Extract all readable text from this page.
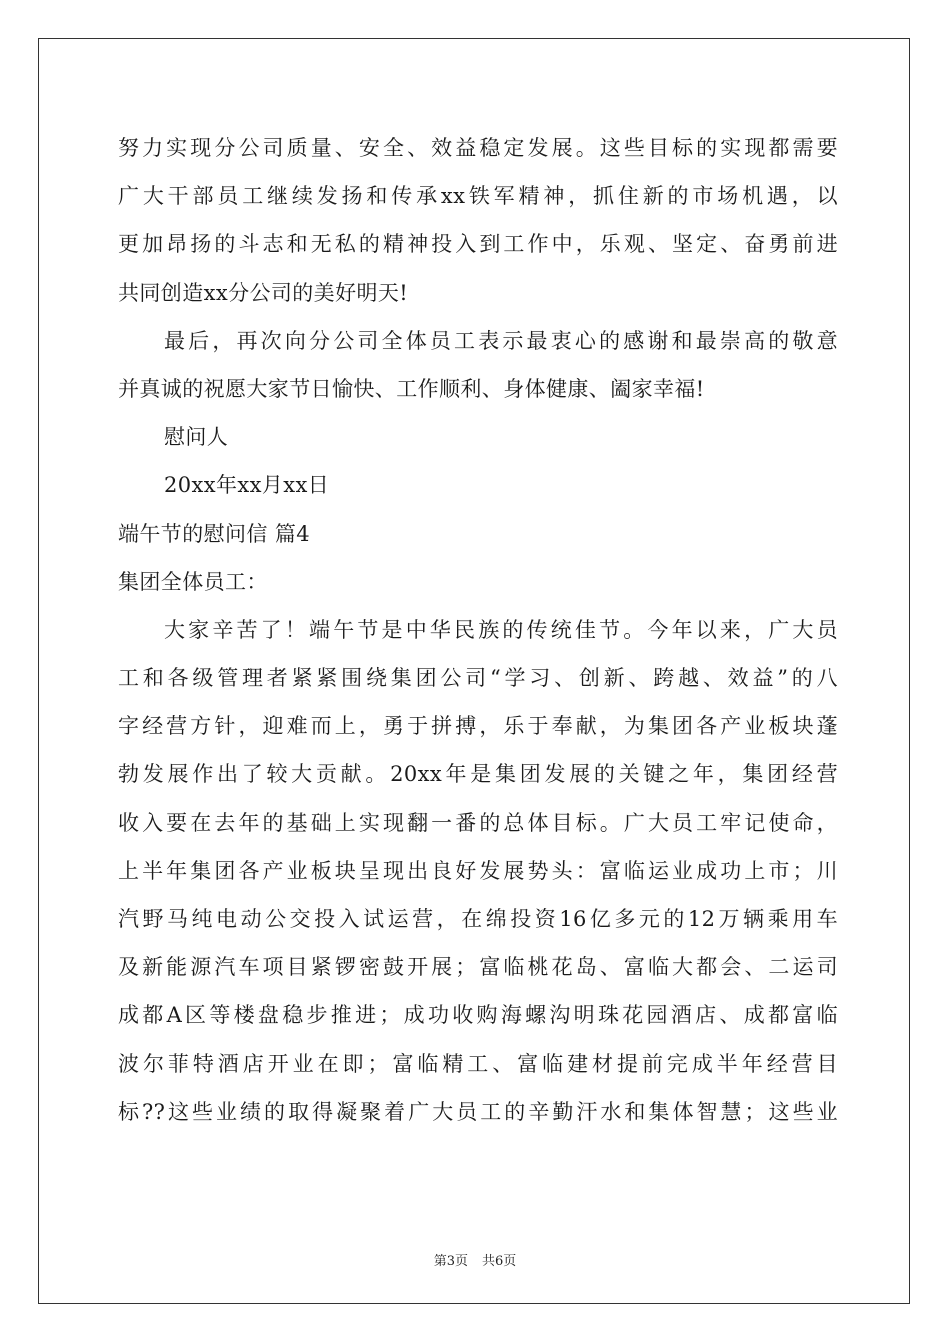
努力实现分公司质量、安全、效益稳定发展。这些目标的实现都需要
广大干部员工继续发扬和传承xx铁军精神，抓住新的市场机遇，以
更加昂扬的斗志和无私的精神投入到工作中，乐观、坚定、奋勇前进
共同创造xx分公司的美好明天!
最后，再次向分公司全体员工表示最衷心的感谢和最崇高的敬意
并真诚的祝愿大家节日愉快、工作顺利、身体健康、阖家幸福!
慰问人
20xx年xx月xx日
端午节的慰问信 篇4
集团全体员工：
大家辛苦了！端午节是中华民族的传统佳节。今年以来，广大员
工和各级管理者紧紧围绕集团公司“学习、创新、跨越、效益”的八
字经营方针，迎难而上，勇于拼搏，乐于奉献，为集团各产业板块蓬
勃发展作出了较大贡献。20xx年是集团发展的关键之年，集团经营
收入要在去年的基础上实现翻一番的总体目标。广大员工牢记使命，
上半年集团各产业板块呈现出良好发展势头：富临运业成功上市；川
汽野马纯电动公交投入试运营，在绵投资16亿多元的12万辆乘用车
及新能源汽车项目紧锣密鼓开展；富临桃花岛、富临大都会、二运司
成都A区等楼盘稳步推进；成功收购海螺沟明珠花园酒店、成都富临
波尔菲特酒店开业在即；富临精工、富临建材提前完成半年经营目
标??这些业绩的取得凝聚着广大员工的辛勤汗水和集体智慧；这些业
第3页 共6页
